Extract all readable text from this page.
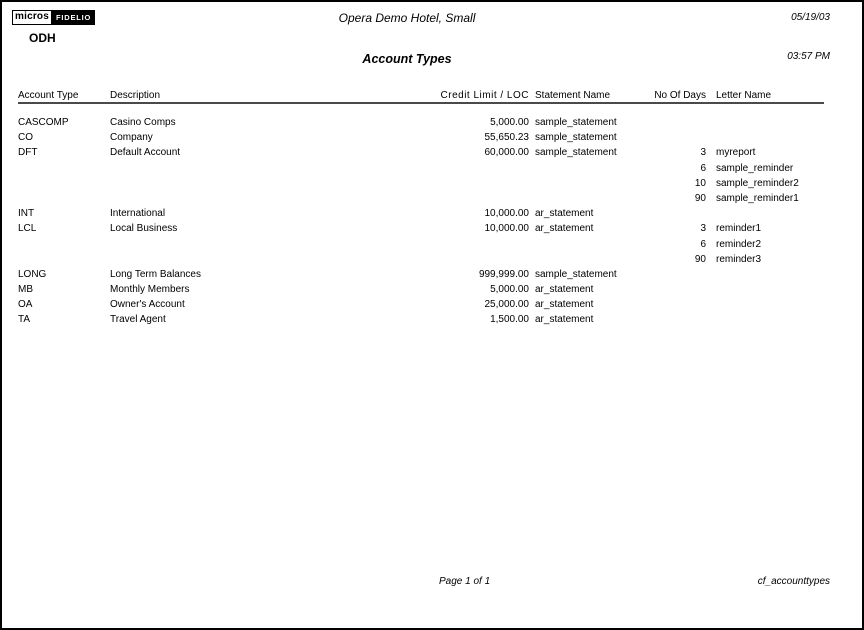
micros FIDELIO
ODH
Opera Demo Hotel, Small
Account Types
05/19/03
03:57 PM
Account Type	Description	Credit Limit / LOC Statement Name	No Of Days Letter Name
CASCOMP	Casino Comps	5,000.00 sample_statement
CO	Company	55,650.23 sample_statement
DFT	Default Account	60,000.00 sample_statement	3 myreport
6 sample_reminder
10 sample_reminder2
90 sample_reminder1
INT	International	10,000.00 ar_statement
LCL	Local Business	10,000.00 ar_statement	3 reminder1
6 reminder2
90 reminder3
LONG	Long Term Balances	999,999.00 sample_statement
MB	Monthly Members	5,000.00 ar_statement
OA	Owner's Account	25,000.00 ar_statement
TA	Travel Agent	1,500.00 ar_statement
Page 1 of 1	cf_accounttypes
